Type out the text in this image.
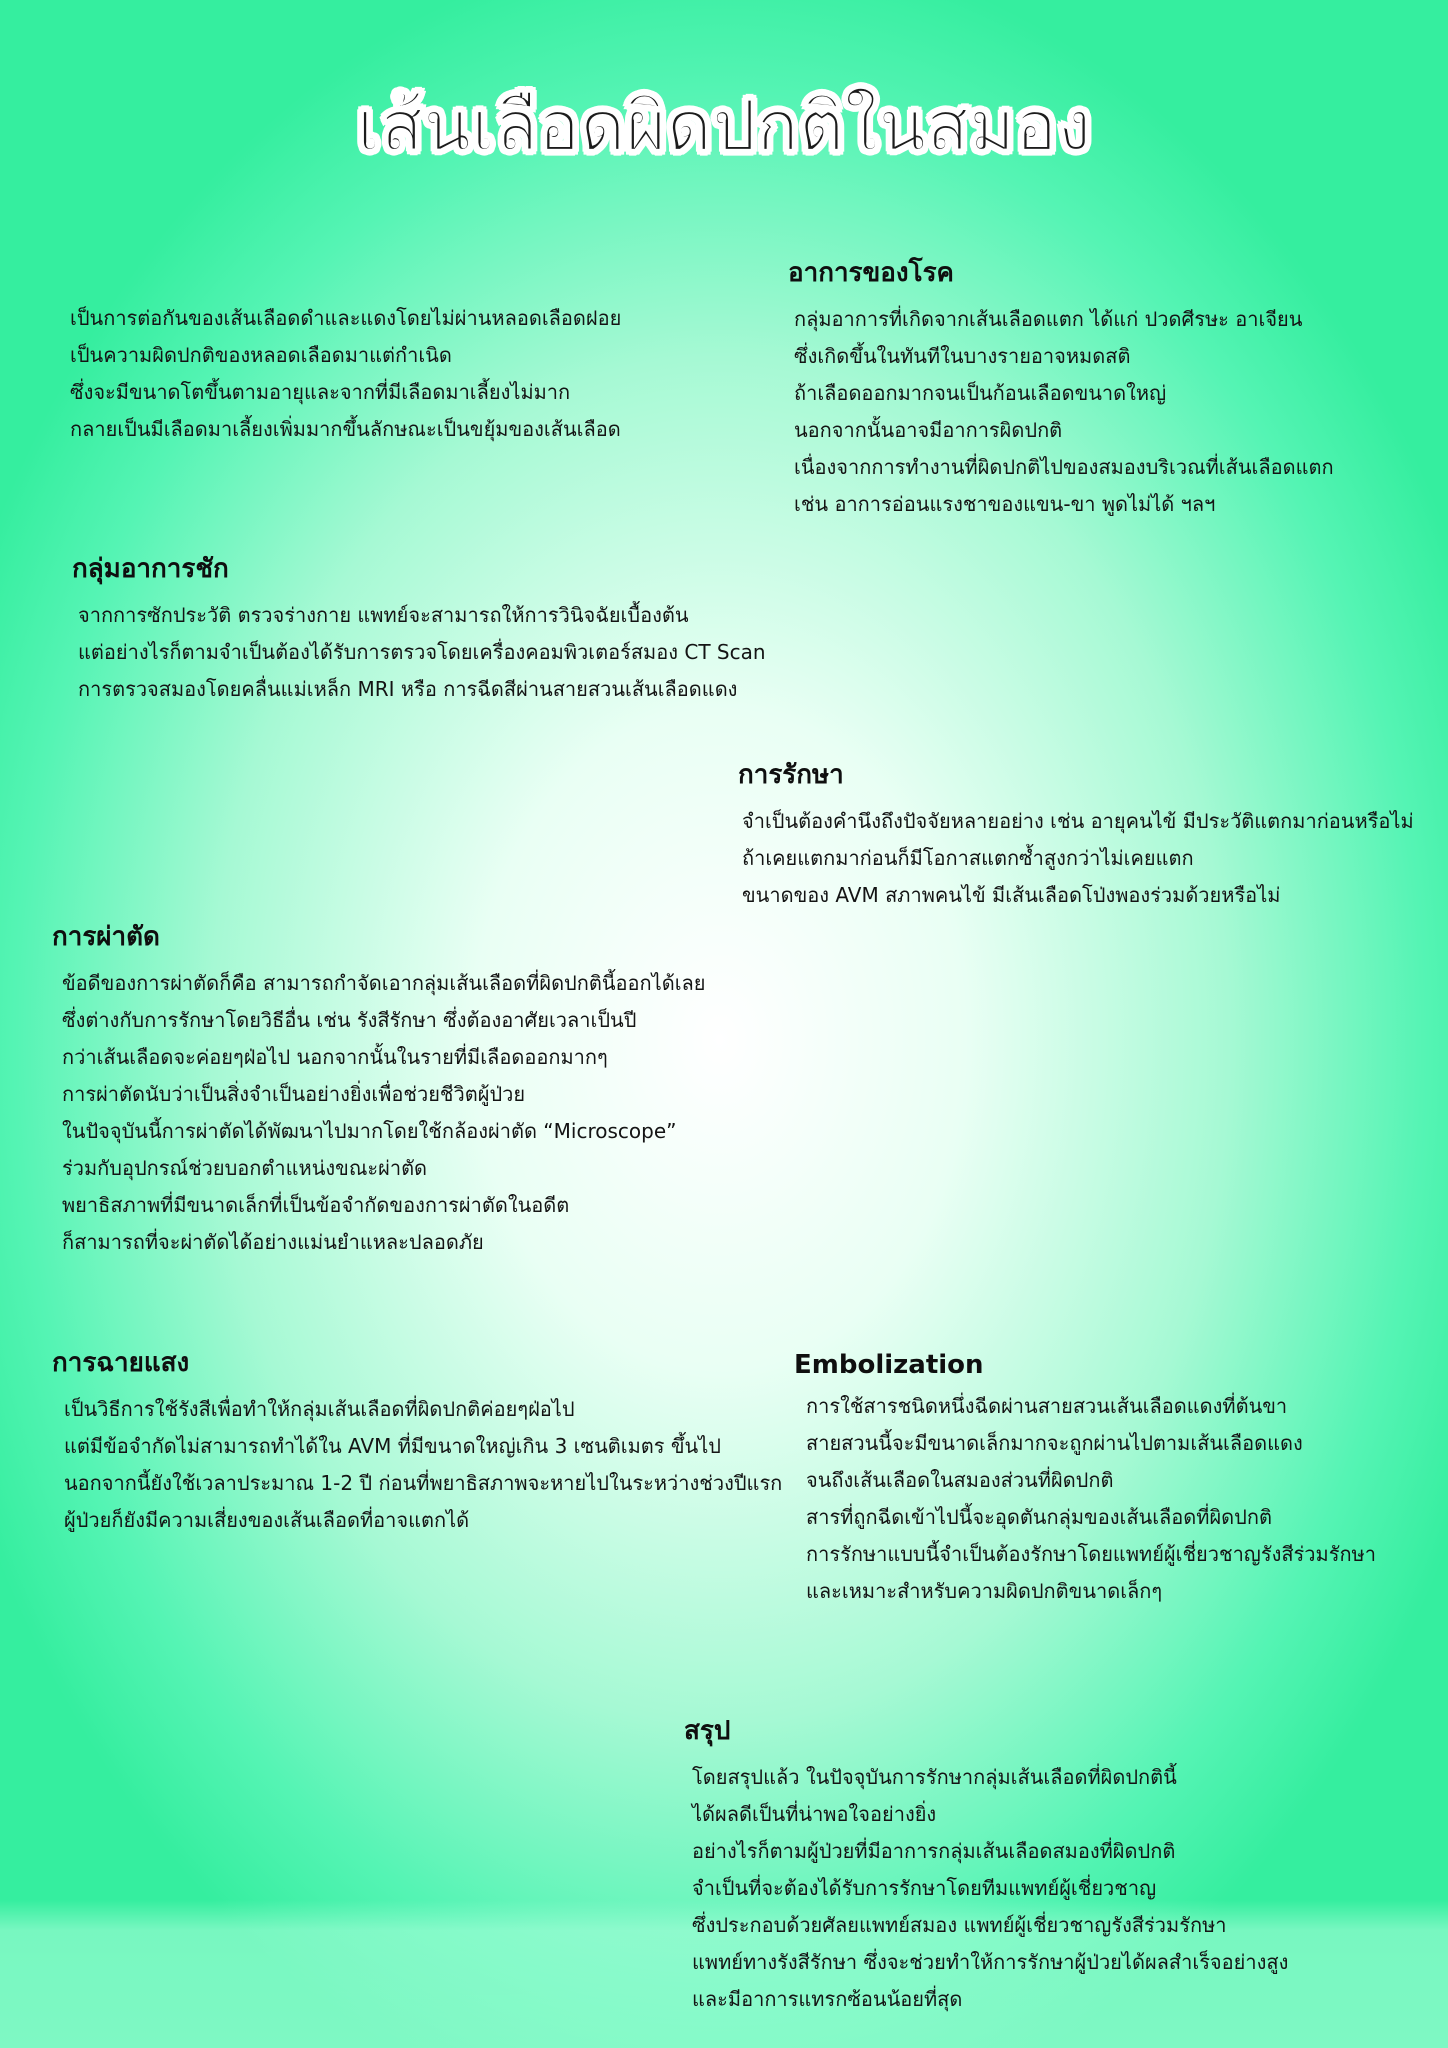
เส้นเลือดผิดปกติในสมอง
เป็นการต่อกันของเส้นเลือดดำและแดงโดยไม่ผ่านหลอดเลือดฝอย
เป็นความผิดปกติของหลอดเลือดมาแต่กำเนิด
ซึ่งจะมีขนาดโตขึ้นตามอายุและจากที่มีเลือดมาเลี้ยงไม่มาก
กลายเป็นมีเลือดมาเลี้ยงเพิ่มมากขึ้นลักษณะเป็นขยุ้มของเส้นเลือด
อาการของโรค
กลุ่มอาการที่เกิดจากเส้นเลือดแตก ได้แก่ ปวดศีรษะ อาเจียน
ซึ่งเกิดขึ้นในทันทีในบางรายอาจหมดสติ
ถ้าเลือดออกมากจนเป็นก้อนเลือดขนาดใหญ่
นอกจากนั้นอาจมีอาการผิดปกติ
เนื่องจากการทำงานที่ผิดปกติไปของสมองบริเวณที่เส้นเลือดแตก
เช่น อาการอ่อนแรงชาของแขน-ขา พูดไม่ได้ ฯลฯ
กลุ่มอาการชัก
จากการซักประวัติ ตรวจร่างกาย แพทย์จะสามารถให้การวินิจฉัยเบื้องต้น
แต่อย่างไรก็ตามจำเป็นต้องได้รับการตรวจโดยเครื่องคอมพิวเตอร์สมอง CT Scan
การตรวจสมองโดยคลื่นแม่เหล็ก MRI หรือ การฉีดสีผ่านสายสวนเส้นเลือดแดง
การรักษา
จำเป็นต้องคำนึงถึงปัจจัยหลายอย่าง เช่น อายุคนไข้ มีประวัติแตกมาก่อนหรือไม่
ถ้าเคยแตกมาก่อนก็มีโอกาสแตกซ้ำสูงกว่าไม่เคยแตก
ขนาดของ AVM สภาพคนไข้ มีเส้นเลือดโป่งพองร่วมด้วยหรือไม่
การผ่าตัด
ข้อดีของการผ่าตัดก็คือ สามารถกำจัดเอากลุ่มเส้นเลือดที่ผิดปกตินี้ออกได้เลย
ซึ่งต่างกับการรักษาโดยวิธีอื่น เช่น รังสีรักษา ซึ่งต้องอาศัยเวลาเป็นปี
กว่าเส้นเลือดจะค่อยๆฝ่อไป นอกจากนั้นในรายที่มีเลือดออกมากๆ
การผ่าตัดนับว่าเป็นสิ่งจำเป็นอย่างยิ่งเพื่อช่วยชีวิตผู้ป่วย
ในปัจจุบันนี้การผ่าตัดได้พัฒนาไปมากโดยใช้กล้องผ่าตัด “Microscope”
ร่วมกับอุปกรณ์ช่วยบอกตำแหน่งขณะผ่าตัด
พยาธิสภาพที่มีขนาดเล็กที่เป็นข้อจำกัดของการผ่าตัดในอดีต
ก็สามารถที่จะผ่าตัดได้อย่างแม่นยำแหละปลอดภัย
การฉายแสง
เป็นวิธีการใช้รังสีเพื่อทำให้กลุ่มเส้นเลือดที่ผิดปกติค่อยๆฝ่อไป
แต่มีข้อจำกัดไม่สามารถทำได้ใน AVM ที่มีขนาดใหญ่เกิน 3 เซนติเมตร ขึ้นไป
นอกจากนี้ยังใช้เวลาประมาณ 1-2 ปี ก่อนที่พยาธิสภาพจะหายไปในระหว่างช่วงปีแรก
ผู้ป่วยก็ยังมีความเสี่ยงของเส้นเลือดที่อาจแตกได้
Embolization
การใช้สารชนิดหนึ่งฉีดผ่านสายสวนเส้นเลือดแดงที่ต้นขา
สายสวนนี้จะมีขนาดเล็กมากจะถูกผ่านไปตามเส้นเลือดแดง
จนถึงเส้นเลือดในสมองส่วนที่ผิดปกติ
สารที่ถูกฉีดเข้าไปนี้จะอุดตันกลุ่มของเส้นเลือดที่ผิดปกติ
การรักษาแบบนี้จำเป็นต้องรักษาโดยแพทย์ผู้เชี่ยวชาญรังสีร่วมรักษา
และเหมาะสำหรับความผิดปกติขนาดเล็กๆ
สรุป
โดยสรุปแล้ว ในปัจจุบันการรักษากลุ่มเส้นเลือดที่ผิดปกตินี้
ได้ผลดีเป็นที่น่าพอใจอย่างยิ่ง
อย่างไรก็ตามผู้ป่วยที่มีอาการกลุ่มเส้นเลือดสมองที่ผิดปกติ
จำเป็นที่จะต้องได้รับการรักษาโดยทีมแพทย์ผู้เชี่ยวชาญ
ซึ่งประกอบด้วยศัลยแพทย์สมอง แพทย์ผู้เชี่ยวชาญรังสีร่วมรักษา
แพทย์ทางรังสีรักษา ซึ่งจะช่วยทำให้การรักษาผู้ป่วยได้ผลสำเร็จอย่างสูง
และมีอาการแทรกซ้อนน้อยที่สุด
